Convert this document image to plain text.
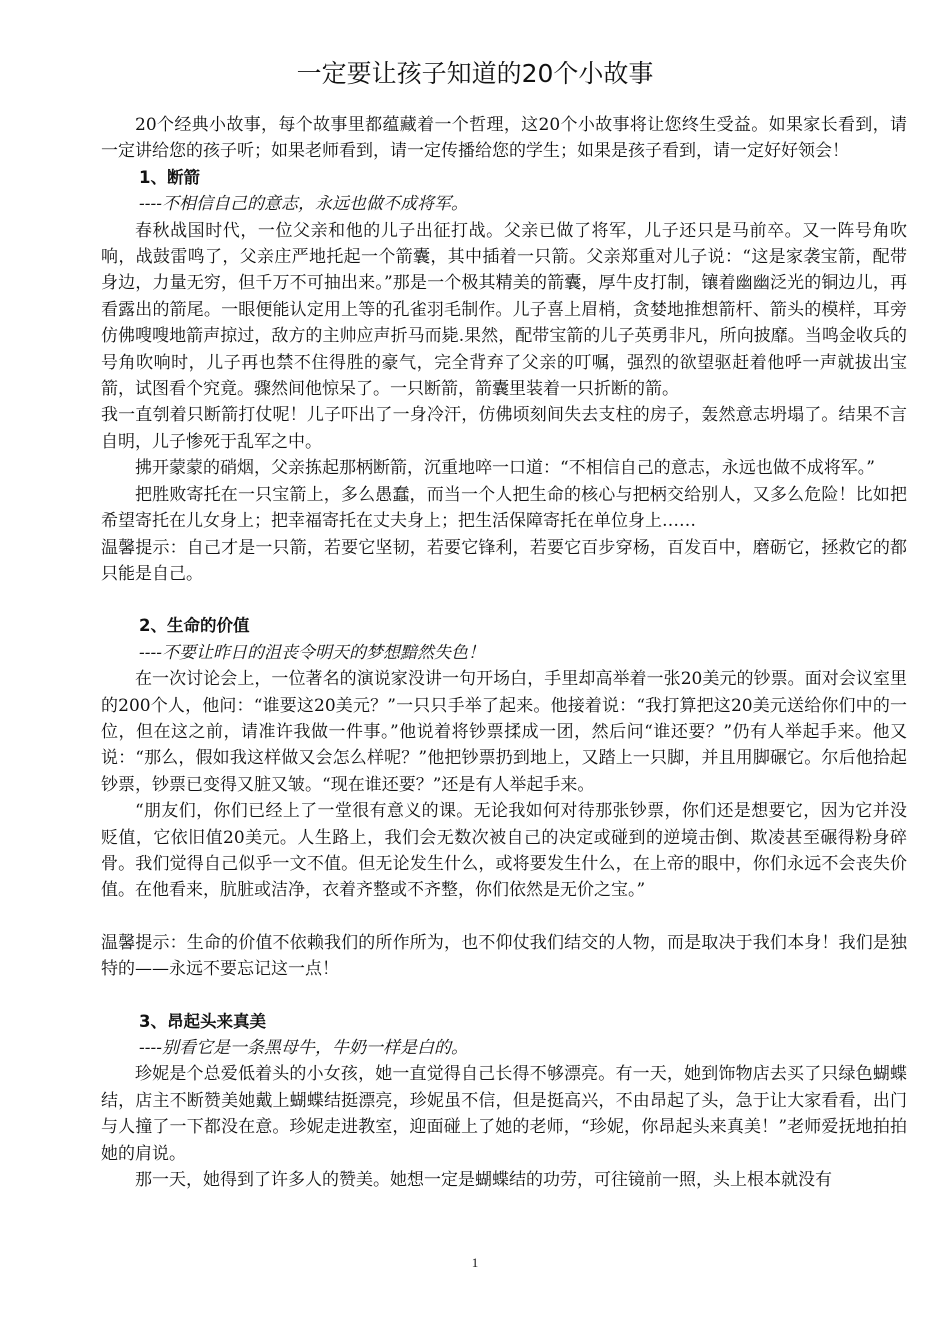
一定要让孩子知道的20个小故事

20个经典小故事，每个故事里都蕴藏着一个哲理，这20个小故事将让您终生受益。如果家长看到，请一定讲给您的孩子听；如果老师看到，请一定传播给您的学生；如果是孩子看到，请一定好好领会！

1、断箭
----不相信自己的意志，永远也做不成将军。

春秋战国时代，一位父亲和他的儿子出征打战。父亲已做了将军，儿子还只是马前卒。又一阵号角吹响，战鼓雷鸣了，父亲庄严地托起一个箭囊，其中插着一只箭。父亲郑重对儿子说：“这是家袭宝箭，配带身边，力量无穷，但千万不可抽出来。”那是一个极其精美的箭囊，厚牛皮打制，镶着幽幽泛光的铜边儿，再看露出的箭尾。一眼便能认定用上等的孔雀羽毛制作。儿子喜上眉梢，贪婪地推想箭杆、箭头的模样，耳旁仿佛嗖嗖地箭声掠过，敌方的主帅应声折马而毙.果然，配带宝箭的儿子英勇非凡，所向披靡。当鸣金收兵的号角吹响时，儿子再也禁不住得胜的豪气，完全背弃了父亲的叮嘱，强烈的欲望驱赶着他呼一声就拔出宝箭，试图看个究竟。骤然间他惊呆了。一只断箭，箭囊里装着一只折断的箭。

我一直刳着只断箭打仗呢！儿子吓出了一身冷汗，仿佛顷刻间失去支柱的房子，轰然意志坍塌了。结果不言自明，儿子惨死于乱军之中。

拂开蒙蒙的硝烟，父亲拣起那柄断箭，沉重地啐一口道：“不相信自己的意志，永远也做不成将军。”

把胜败寄托在一只宝箭上，多么愚蠢，而当一个人把生命的核心与把柄交给别人，又多么危险！比如把希望寄托在儿女身上；把幸福寄托在丈夫身上；把生活保障寄托在单位身上……

温馨提示：自己才是一只箭，若要它坚韧，若要它锋利，若要它百步穿杨，百发百中，磨砺它，拯救它的都只能是自己。

2、生命的价值
----不要让昨日的沮丧令明天的梦想黯然失色！

在一次讨论会上，一位著名的演说家没讲一句开场白，手里却高举着一张20美元的钞票。面对会议室里的200个人，他问：“谁要这20美元？”一只只手举了起来。他接着说：“我打算把这20美元送给你们中的一位，但在这之前，请准许我做一件事。”他说着将钞票揉成一团，然后问“谁还要？”仍有人举起手来。他又说：“那么，假如我这样做又会怎么样呢？”他把钞票扔到地上，又踏上一只脚，并且用脚碾它。尔后他拾起钞票，钞票已变得又脏又皱。“现在谁还要？”还是有人举起手来。

“朋友们，你们已经上了一堂很有意义的课。无论我如何对待那张钞票，你们还是想要它，因为它并没贬值，它依旧值20美元。人生路上，我们会无数次被自己的决定或碰到的逆境击倒、欺凌甚至碾得粉身碎骨。我们觉得自己似乎一文不值。但无论发生什么，或将要发生什么，在上帝的眼中，你们永远不会丧失价值。在他看来，肮脏或洁净，衣着齐整或不齐整，你们依然是无价之宝。”

温馨提示：生命的价值不依赖我们的所作所为，也不仰仗我们结交的人物，而是取决于我们本身！我们是独特的——永远不要忘记这一点！

3、昂起头来真美
----别看它是一条黑母牛，牛奶一样是白的。

珍妮是个总爱低着头的小女孩，她一直觉得自己长得不够漂亮。有一天，她到饰物店去买了只绿色蝴蝶结，店主不断赞美她戴上蝴蝶结挺漂亮，珍妮虽不信，但是挺高兴，不由昂起了头，急于让大家看看，出门与人撞了一下都没在意。珍妮走进教室，迎面碰上了她的老师，“珍妮，你昂起头来真美！”老师爱抚地拍拍她的肩说。

那一天，她得到了许多人的赞美。她想一定是蝴蝶结的功劳，可往镜前一照，头上根本就没有

1
